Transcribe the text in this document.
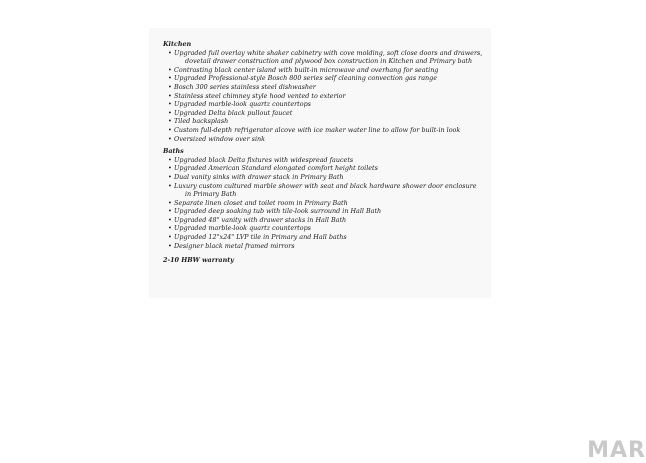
Kitchen
• Upgraded full overlay white shaker cabinetry with cove molding, soft close doors and drawers,
dovetail drawer construction and plywood box construction in Kitchen and Primary bath
• Contrasting black center island with built-in microwave and overhang for seating
• Upgraded Professional-style Bosch 800 series self cleaning convection gas range
• Bosch 300 series stainless steel dishwasher
• Stainless steel chimney style hood vented to exterior
• Upgraded marble-look quartz countertops
• Upgraded Delta black pullout faucet
• Tiled backsplash
• Custom full-depth refrigerator alcove with ice maker water line to allow for built-in look
• Oversized window over sink
Baths
• Upgraded black Delta fixtures with widespread faucets
• Upgraded American Standard elongated comfort height toilets
• Dual vanity sinks with drawer stack in Primary Bath
• Luxury custom cultured marble shower with seat and black hardware shower door enclosure
in Primary Bath
• Separate linen closet and toilet room in Primary Bath
• Upgraded deep soaking tub with tile-look surround in Hall Bath
• Upgraded 48" vanity with drawer stacks in Hall Bath
• Upgraded marble-look quartz countertops
• Upgraded 12"x24" LVP tile in Primary and Hall baths
• Designer black metal framed mirrors
2-10 HBW warranty
MAR
